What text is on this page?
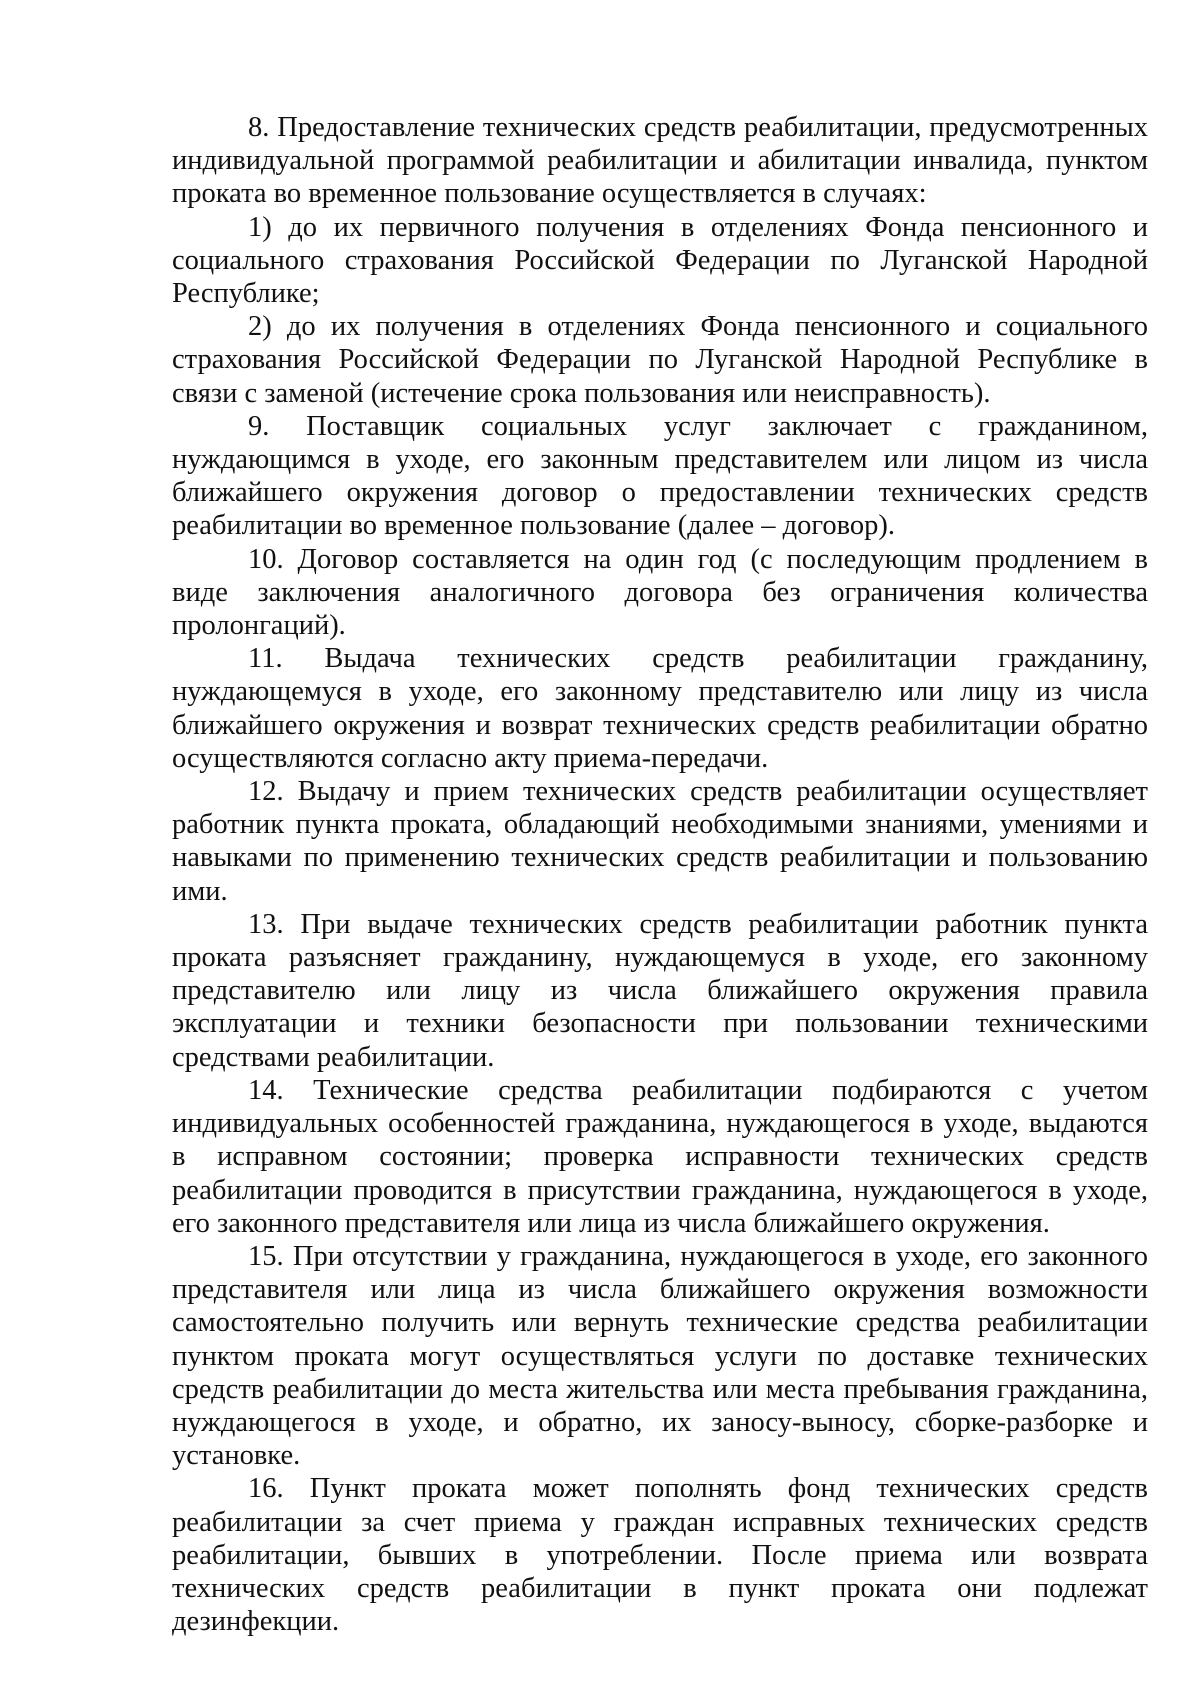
8. Предоставление технических средств реабилитации, предусмотренных индивидуальной программой реабилитации и абилитации инвалида, пунктом проката во временное пользование осуществляется в случаях:

1) до их первичного получения в отделениях Фонда пенсионного и социального страхования Российской Федерации по Луганской Народной Республике;

2) до их получения в отделениях Фонда пенсионного и социального страхования Российской Федерации по Луганской Народной Республике в связи с заменой (истечение срока пользования или неисправность).

9. Поставщик социальных услуг заключает с гражданином, нуждающимся в уходе, его законным представителем или лицом из числа ближайшего окружения договор о предоставлении технических средств реабилитации во временное пользование (далее – договор).

10. Договор составляется на один год (с последующим продлением в виде заключения аналогичного договора без ограничения количества пролонгаций).

11. Выдача технических средств реабилитации гражданину, нуждающемуся в уходе, его законному представителю или лицу из числа ближайшего окружения и возврат технических средств реабилитации обратно осуществляются согласно акту приема-передачи.

12. Выдачу и прием технических средств реабилитации осуществляет работник пункта проката, обладающий необходимыми знаниями, умениями и навыками по применению технических средств реабилитации и пользованию ими.

13. При выдаче технических средств реабилитации работник пункта проката разъясняет гражданину, нуждающемуся в уходе, его законному представителю или лицу из числа ближайшего окружения правила эксплуатации и техники безопасности при пользовании техническими средствами реабилитации.

14. Технические средства реабилитации подбираются с учетом индивидуальных особенностей гражданина, нуждающегося в уходе, выдаются в исправном состоянии; проверка исправности технических средств реабилитации проводится в присутствии гражданина, нуждающегося в уходе, его законного представителя или лица из числа ближайшего окружения.

15. При отсутствии у гражданина, нуждающегося в уходе, его законного представителя или лица из числа ближайшего окружения возможности самостоятельно получить или вернуть технические средства реабилитации пунктом проката могут осуществляться услуги по доставке технических средств реабилитации до места жительства или места пребывания гражданина, нуждающегося в уходе, и обратно, их заносу-выносу, сборке-разборке и установке.

16. Пункт проката может пополнять фонд технических средств реабилитации за счет приема у граждан исправных технических средств реабилитации, бывших в употреблении. После приема или возврата технических средств реабилитации в пункт проката они подлежат дезинфекции.
